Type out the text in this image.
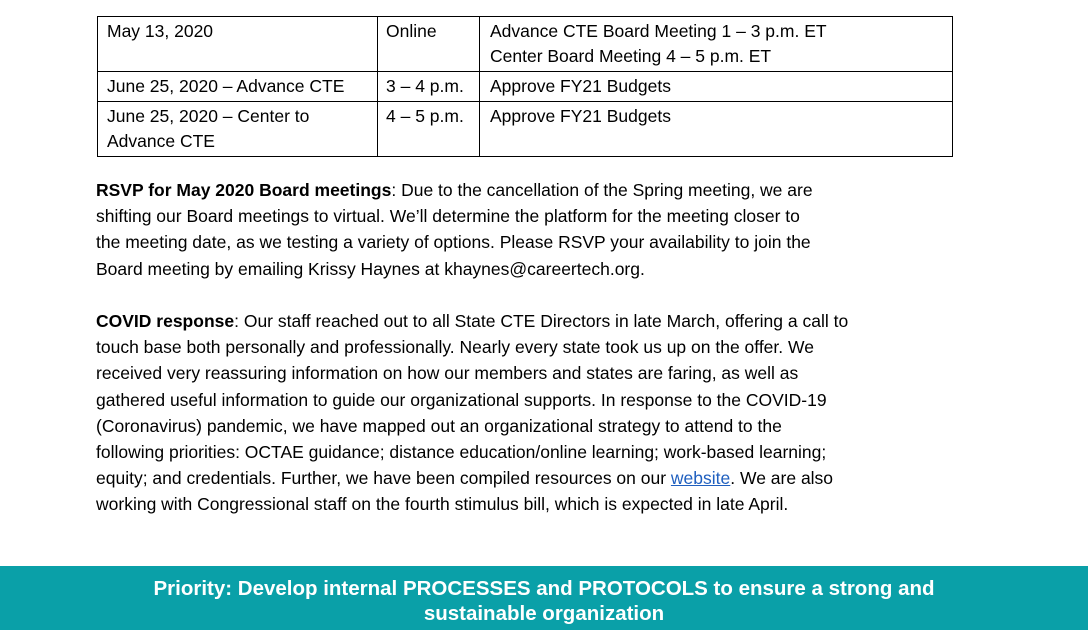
May 13, 2020	Online	Advance CTE Board Meeting 1 – 3 p.m. ET
Center Board Meeting 4 – 5 p.m. ET

June 25, 2020 – Advance CTE	3 – 4 p.m.	Approve FY21 Budgets

June 25, 2020 – Center to
Advance CTE	4 – 5 p.m.	Approve FY21 Budgets
RSVP for May 2020 Board meetings: Due to the cancellation of the Spring meeting, we are
shifting our Board meetings to virtual. We’ll determine the platform for the meeting closer to
the meeting date, as we testing a variety of options. Please RSVP your availability to join the
Board meeting by emailing Krissy Haynes at khaynes@careertech.org.
COVID response: Our staff reached out to all State CTE Directors in late March, offering a call to
touch base both personally and professionally. Nearly every state took us up on the offer. We
received very reassuring information on how our members and states are faring, as well as
gathered useful information to guide our organizational supports. In response to the COVID-19
(Coronavirus) pandemic, we have mapped out an organizational strategy to attend to the
following priorities: OCTAE guidance; distance education/online learning; work-based learning;
equity; and credentials. Further, we have been compiled resources on our website. We are also
working with Congressional staff on the fourth stimulus bill, which is expected in late April.
Priority: Develop internal PROCESSES and PROTOCOLS to ensure a strong and
sustainable organization
